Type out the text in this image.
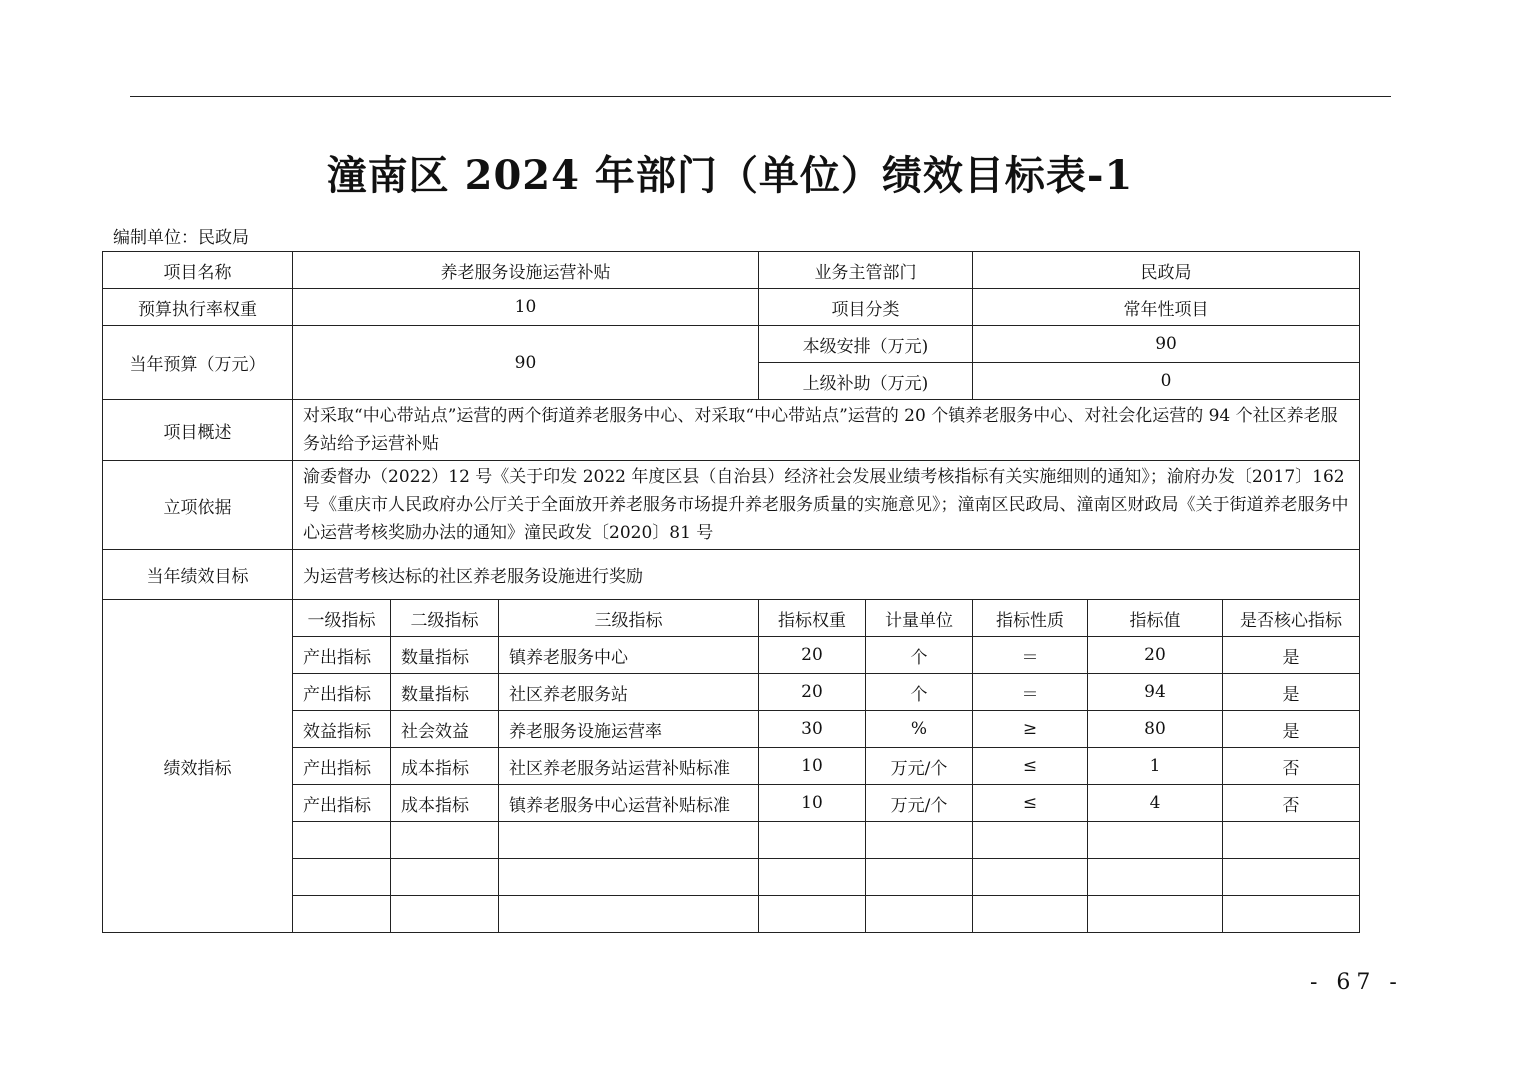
潼南区 2024 年部门（单位）绩效目标表-1
编制单位：民政局
项目名称	养老服务设施运营补贴			业务主管部门		民政局		
预算执行率权重	10			项目分类		常年性项目		
当年预算（万元）	90			本级安排（万元)		90		
				上级补助（万元)		0		
项目概述	对采取“中心带站点”运营的两个街道养老服务中心、对采取“中心带站点”运营的 20 个镇养老服务中心、对社会化运营的 94 个社区养老服务站给予运营补贴							
立项依据	渝委督办（2022）12 号《关于印发 2022 年度区县（自治县）经济社会发展业绩考核指标有关实施细则的通知》；渝府办发〔2017〕162 号《重庆市人民政府办公厅关于全面放开养老服务市场提升养老服务质量的实施意见》；潼南区民政局、潼南区财政局《关于街道养老服务中心运营考核奖励办法的通知》潼民政发〔2020〕81 号							
当年绩效目标	为运营考核达标的社区养老服务设施进行奖励							
绩效指标	一级指标	二级指标	三级指标	指标权重	计量单位	指标性质	指标值	是否核心指标
	产出指标	数量指标	镇养老服务中心	20	个	＝	20	是
	产出指标	数量指标	社区养老服务站	20	个	＝	94	是
	效益指标	社会效益	养老服务设施运营率	30	%	≥	80	是
	产出指标	成本指标	社区养老服务站运营补贴标准	10	万元/个	≤	1	否
	产出指标	成本指标	镇养老服务中心运营补贴标准	10	万元/个	≤	4	否

- 67 -
